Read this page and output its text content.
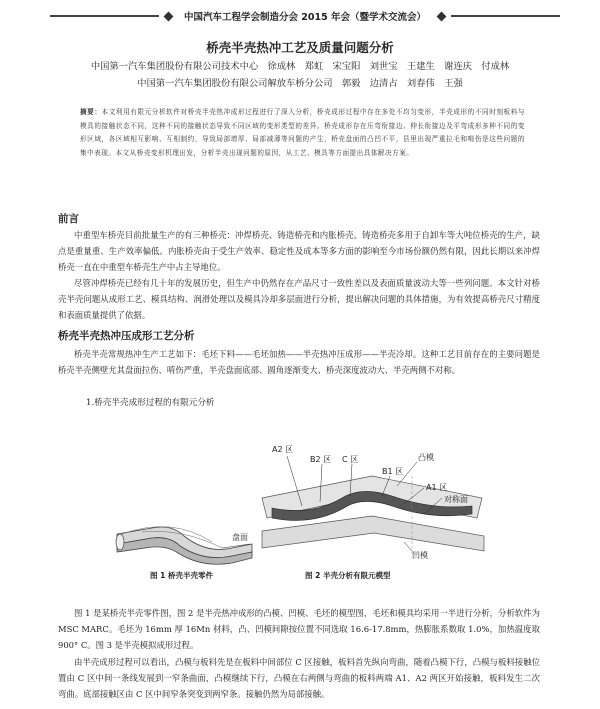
中国汽车工程学会制造分会 2015 年会（暨学术交流会）
桥壳半壳热冲工艺及质量问题分析
中国第一汽车集团股份有限公司技术中心　徐成林　郑虹　宋宝阳　刘世宝　王建生　谢连庆　付成林
中国第一汽车集团股份有限公司解放车桥分公司　郭毅　边清占　刘春伟　王强
摘要：本文利用有限元分析软件对桥壳半壳热冲成形过程进行了深入分析，桥壳成形过程中存在多处不均匀变形，半壳成形的不同时刻板料与模具的接触状态不同，这种不同的接触状态导致不同区域的变形类型的差异。桥壳成形存在压弯衔接边、伸长衔接边及平弯成形多种不同的变形区域，各区域相互影响、互相制约，导致局部增厚、局部减薄等问题的产生，桥壳盘面的凸凹不平，县里出现严重拉毛和啃伤是这些问题的集中表现。本文从桥壳变形机理出发，分析半壳出现问题的原因，从工艺、模具等方面提出具体解决方案。
前言
中重型车桥壳目前批量生产的有三种桥壳：冲焊桥壳、铸造桥壳和内胀桥壳。铸造桥壳多用于自卸车等大吨位桥壳的生产，缺点是重量重、生产效率偏低。内胀桥壳由于受生产效率、稳定性及成本等多方面的影响至今市场份额仍然有限，因此长期以来冲焊桥壳一直在中重型车桥壳生产中占主导地位。
尽管冲焊桥壳已经有几十年的发展历史，但生产中仍然存在产品尺寸一致性差以及表面质量波动大等一些列问题。本文针对桥壳半壳问题从成形工艺、模具结构、润滑处理以及模具冷却多层面进行分析，提出解决问题的具体措施，为有效提高桥壳尺寸精度和表面质量提供了依据。
桥壳半壳热冲压成形工艺分析
桥壳半壳常规热冲生产工艺如下：毛坯下料——毛坯加热——半壳热冲压成形——半壳冷却。这种工艺目前存在的主要问题是桥壳半壳侧壁尤其盘面拉伤、啃伤严重，半壳盘面底部、圆角逐渐变大、桥壳深度波动大、半壳两侧不对称。
1.桥壳半壳成形过程的有限元分析
盘面
A2 区
B2 区 C 区
B1 区
凸模
A1 区
对称面
凹模
图 1 桥壳半壳零件	图 2 半壳分析有限元模型
图 1 是某桥壳半壳零件图，图 2 是半壳热冲成形的凸模、凹模、毛坯的模型图，毛坯和模具均采用一半进行分析，分析软件为 MSC MARC。毛坯为 16mm 厚 16Mn 材料，凸、凹模间隙按位置不同选取 16.6-17.8mm，热膨胀系数取 1.0%，加热温度取 900° C。图 3 是半壳模拟成形过程。
由半壳成形过程可以看出，凸模与板料先是在板料中间部位 C 区接触，板料首先纵向弯曲，随着凸模下行，凸模与板料接触位置由 C 区中间一条线发展到一窄条曲面，凸模继续下行，凸模在右两侧与弯曲的板料两端 A1、A2 两区开始接触，板料发生二次弯曲。底部接触区由 C 区中间窄条突变到两窄条。接触仍然为局部接触。
